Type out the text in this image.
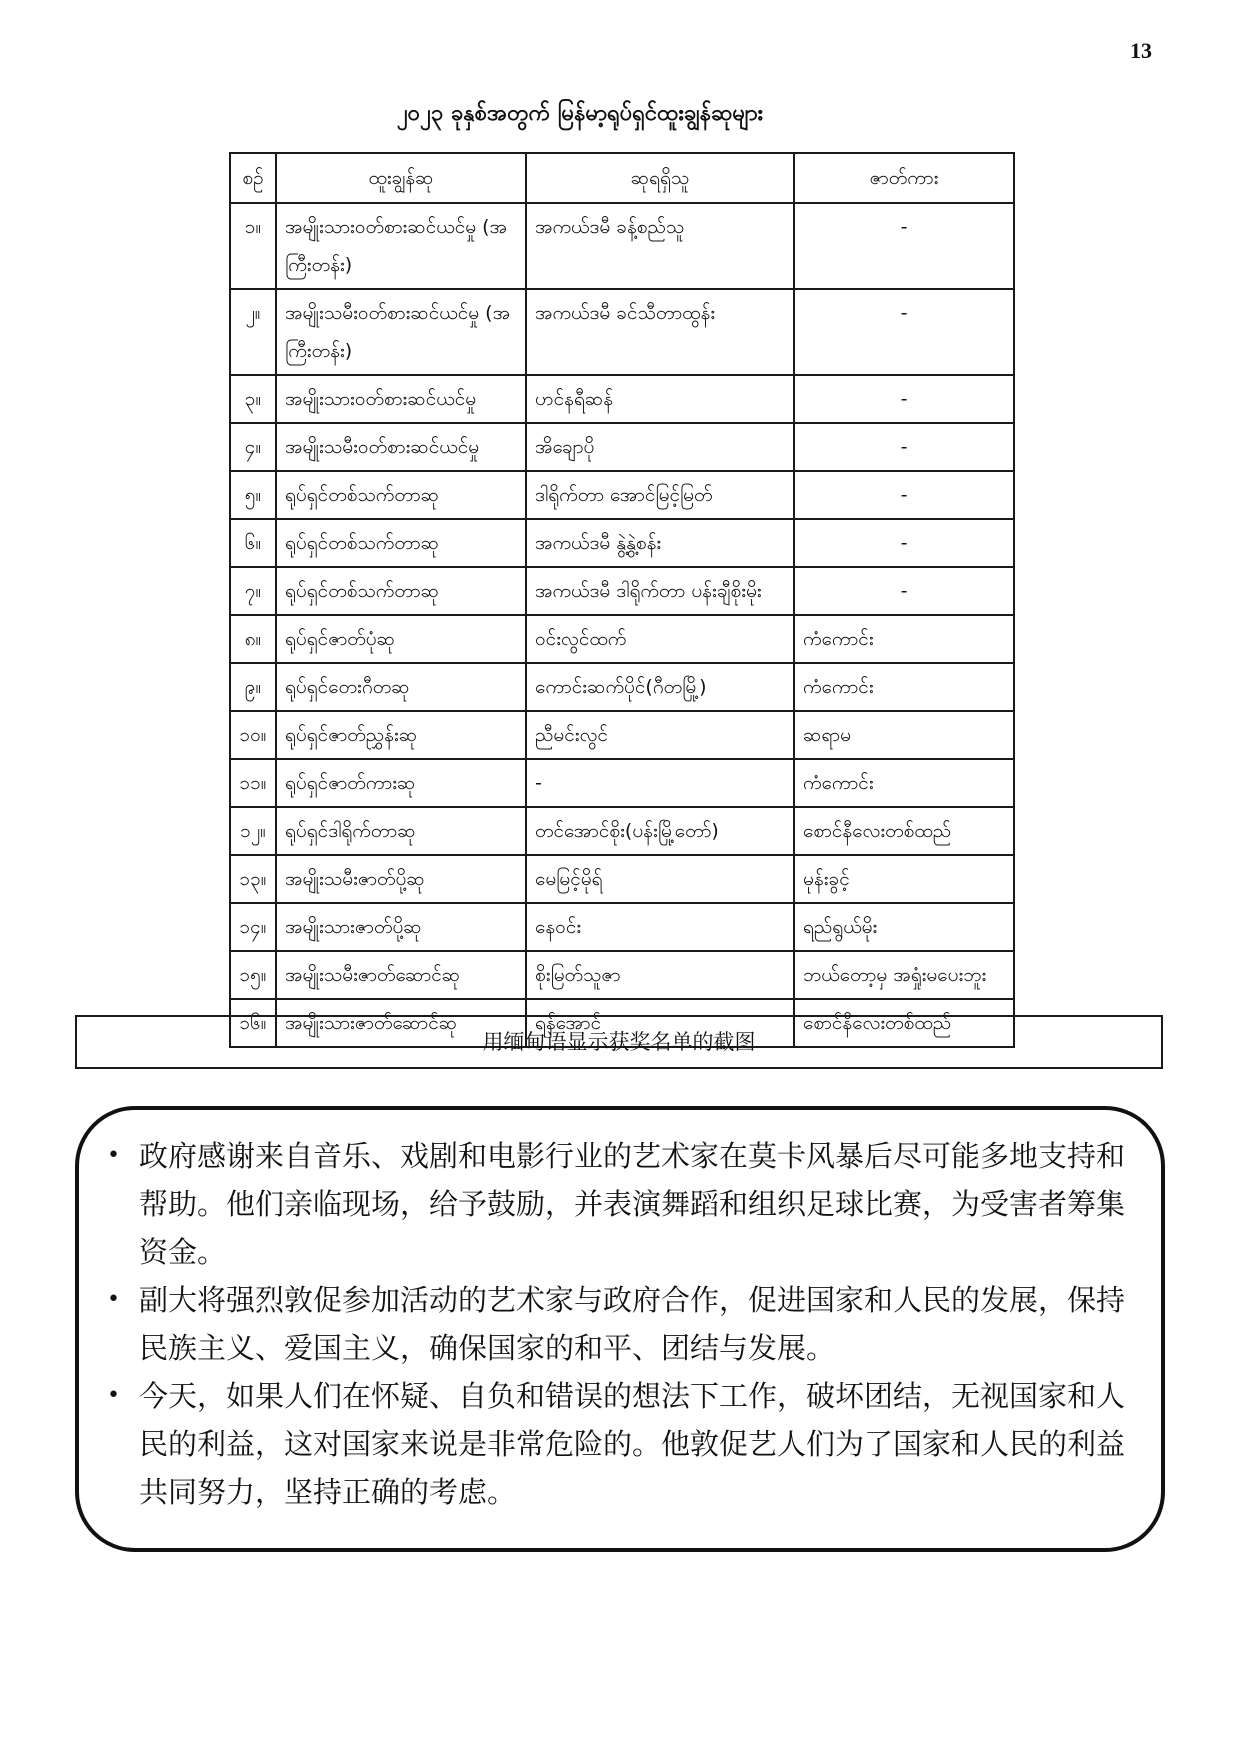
13
၂၀၂၃ ခုနှစ်အတွက် မြန်မာ့ရုပ်ရှင်ထူးချွန်ဆုများ
စဉ်	ထူးချွန်ဆု	ဆုရရှိသူ	ဇာတ်ကား
၁။	အမျိုးသားဝတ်စားဆင်ယင်မှု (အကြီးတန်း)	အကယ်ဒမီ ခန့်စည်သူ	-
၂။	အမျိုးသမီးဝတ်စားဆင်ယင်မှု (အကြီးတန်း)	အကယ်ဒမီ ခင်သီတာထွန်း	-
၃။	အမျိုးသားဝတ်စားဆင်ယင်မှု	ဟင်နရီဆန်	-
၄။	အမျိုးသမီးဝတ်စားဆင်ယင်မှု	အိချောပို	-
၅။	ရုပ်ရှင်တစ်သက်တာဆု	ဒါရိုက်တာ အောင်မြင့်မြတ်	-
၆။	ရုပ်ရှင်တစ်သက်တာဆု	အကယ်ဒမီ နွဲ့နွဲ့စန်း	-
၇။	ရုပ်ရှင်တစ်သက်တာဆု	အကယ်ဒမီ ဒါရိုက်တာ ပန်းချီစိုးမိုး	-
၈။	ရုပ်ရှင်ဇာတ်ပုံဆု	ဝင်းလွင်ထက်	ကံကောင်း
၉။	ရုပ်ရှင်တေးဂီတဆု	ကောင်းဆက်ပိုင်(ဂီတမြို့)	ကံကောင်း
၁၀။	ရုပ်ရှင်ဇာတ်ညွှန်းဆု	ညီမင်းလွင်	ဆရာမ
၁၁။	ရုပ်ရှင်ဇာတ်ကားဆု	-	ကံကောင်း
၁၂။	ရုပ်ရှင်ဒါရိုက်တာဆု	တင်အောင်စိုး(ပန်းမြို့တော်)	စောင်နီလေးတစ်ထည်
၁၃။	အမျိုးသမီးဇာတ်ပို့ဆု	မေမြင့်မိုရ်	မုန်းခွင့်
၁၄။	အမျိုးသားဇာတ်ပို့ဆု	နေဝင်း	ရည်ရွယ်မိုး
၁၅။	အမျိုးသမီးဇာတ်ဆောင်ဆု	စိုးမြတ်သူဇာ	ဘယ်တော့မှ အရှုံးမပေးဘူး
၁၆။	အမျိုးသားဇာတ်ဆောင်ဆု	ရန်အောင်	စောင်နီလေးတစ်ထည်
用缅甸语显示获奖名单的截图
• 政府感谢来自音乐、戏剧和电影行业的艺术家在莫卡风暴后尽可能多地支持和帮助。他们亲临现场，给予鼓励，并表演舞蹈和组织足球比赛，为受害者筹集资金。
• 副大将强烈敦促参加活动的艺术家与政府合作，促进国家和人民的发展，保持民族主义、爱国主义，确保国家的和平、团结与发展。
• 今天，如果人们在怀疑、自负和错误的想法下工作，破坏团结，无视国家和人民的利益，这对国家来说是非常危险的。他敦促艺人们为了国家和人民的利益共同努力，坚持正确的考虑。
